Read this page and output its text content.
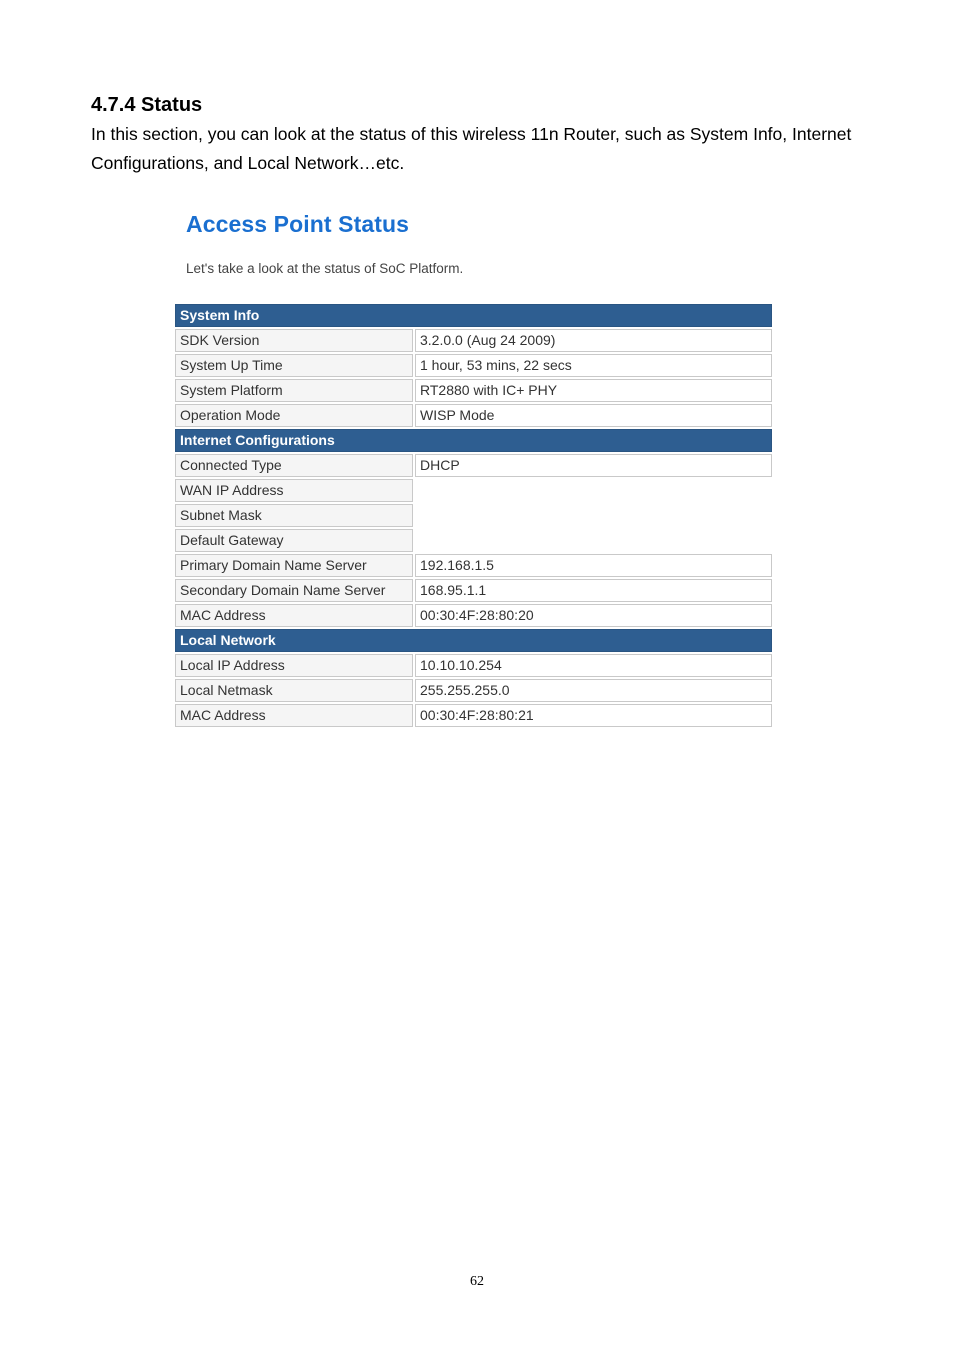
4.7.4 Status

In this section, you can look at the status of this wireless 11n Router, such as System Info, Internet Configurations, and Local Network…etc.

Access Point Status

Let's take a look at the status of SoC Platform.

System Info		
SDK Version		3.2.0.0 (Aug 24 2009)
System Up Time		1 hour, 53 mins, 22 secs
System Platform		RT2880 with IC+ PHY
Operation Mode		WISP Mode
Internet Configurations		
Connected Type		DHCP
WAN IP Address		
Subnet Mask		
Default Gateway		
Primary Domain Name Server		192.168.1.5
Secondary Domain Name Server		168.95.1.1
MAC Address		00:30:4F:28:80:20
Local Network		
Local IP Address		10.10.10.254
Local Netmask		255.255.255.0
MAC Address		00:30:4F:28:80:21
62
